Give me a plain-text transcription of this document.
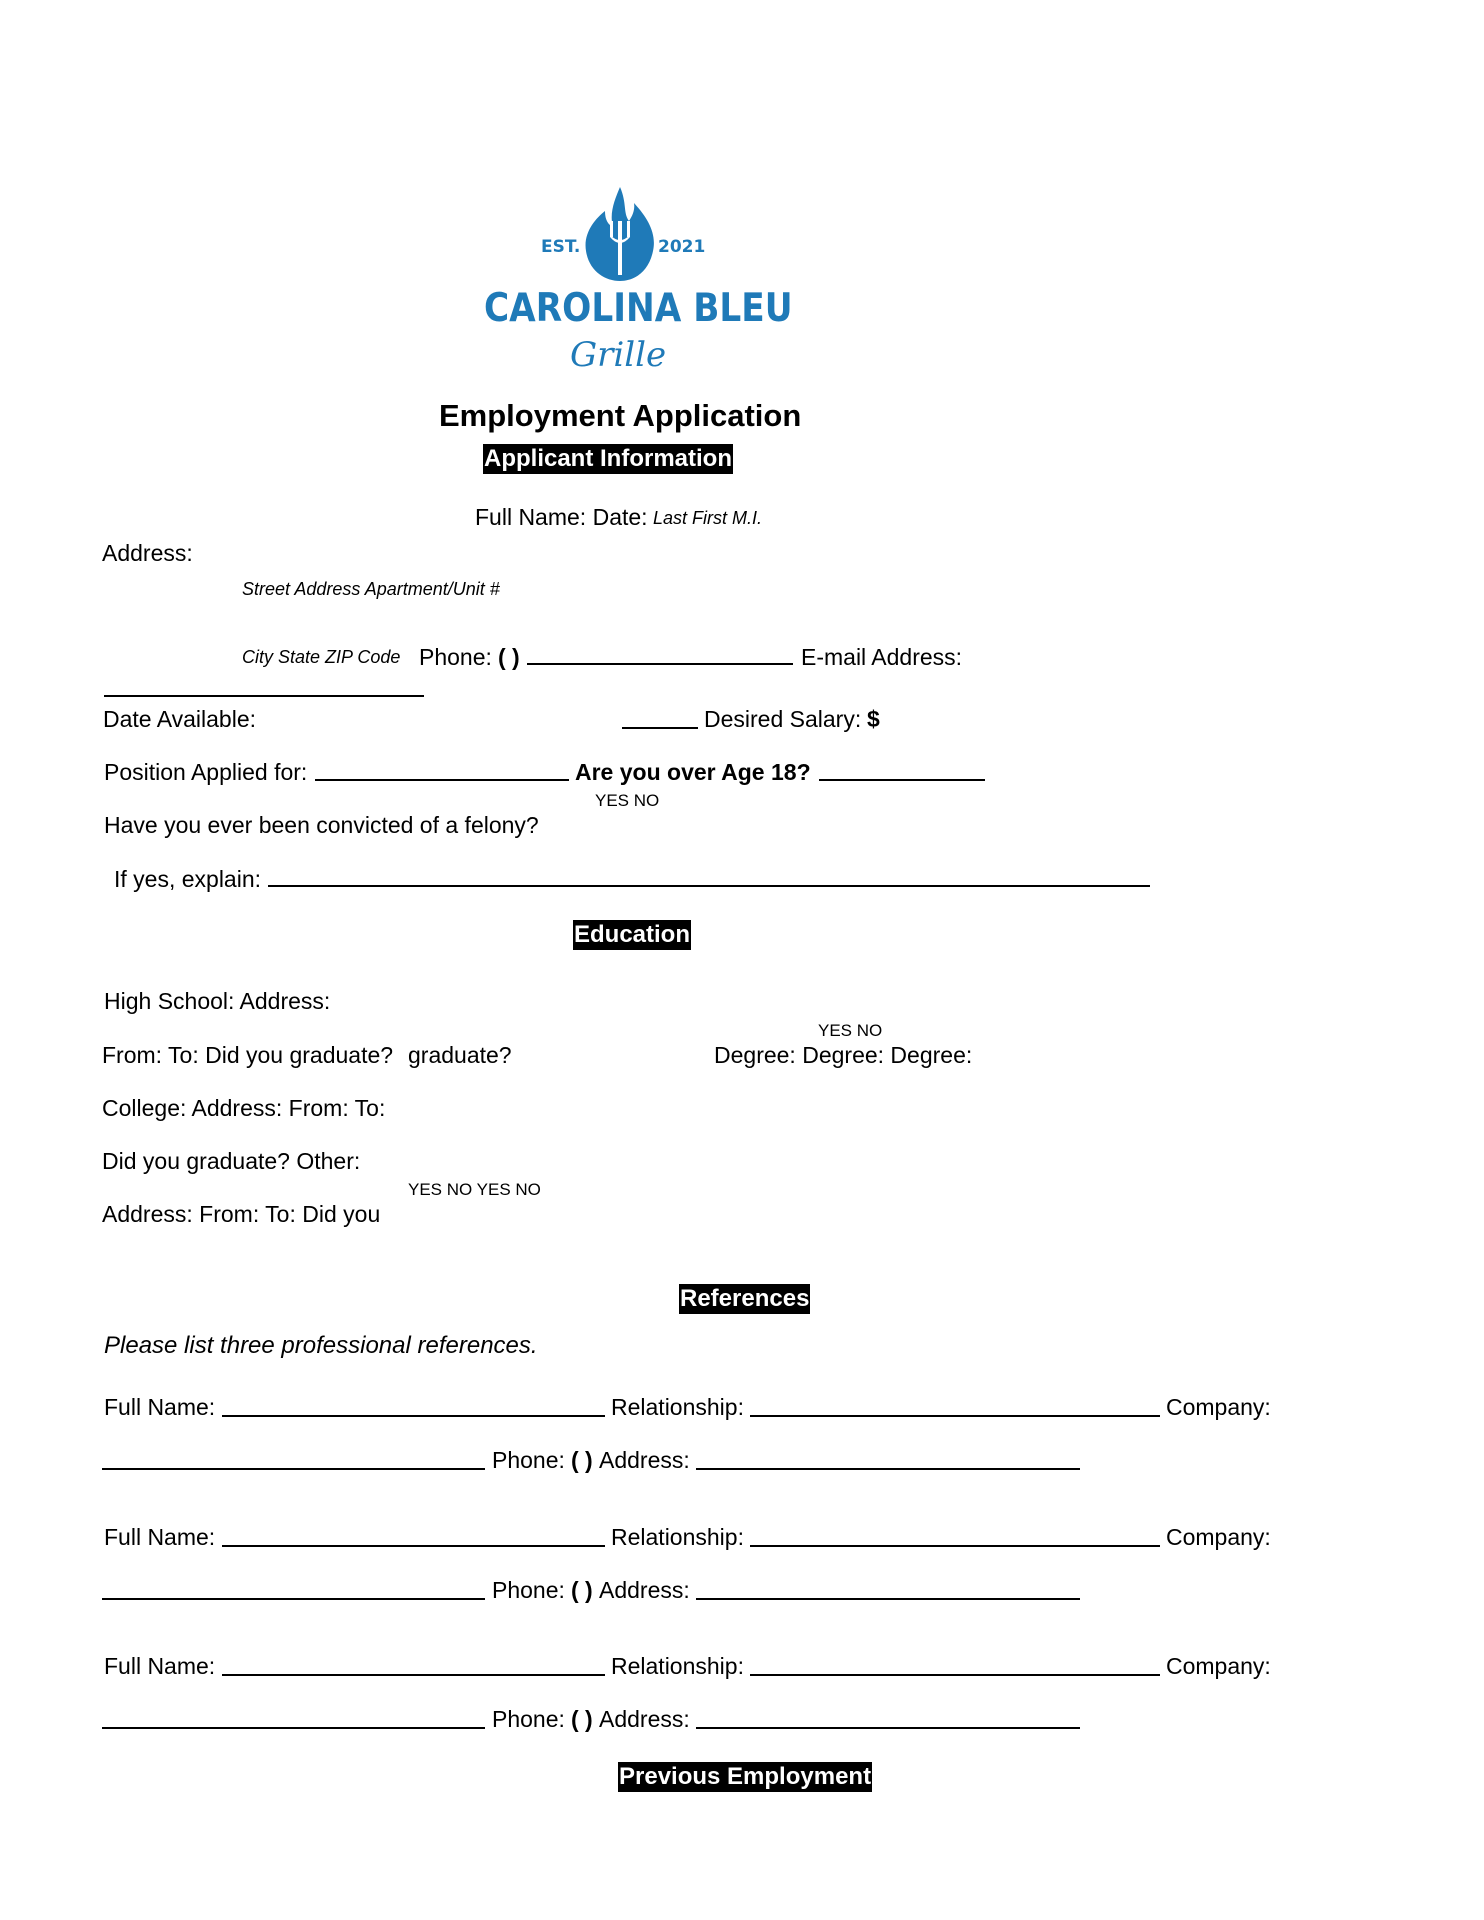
EST.	2021
CAROLINA BLEU
Grille
Employment Application
Applicant Information
Full Name: Date: Last First M.I.
Address:
Street Address Apartment/Unit #
City State ZIP Code Phone: ( )	E-mail Address:
Date Available:	Desired Salary: $
Position Applied for:	Are you over Age 18?
YES NO
Have you ever been convicted of a felony?
If yes, explain:
Education
High School: Address:
YES NO
From: To: Did you graduate? graduate?	Degree: Degree: Degree:
College: Address: From: To:
Did you graduate? Other:
YES NO YES NO
Address: From: To: Did you
References
Please list three professional references.
Full Name:	Relationship:	Company:
Phone: ( ) Address:
Full Name:	Relationship:	Company:
Phone: ( ) Address:
Full Name:	Relationship:	Company:
Phone: ( ) Address:
Previous Employment
